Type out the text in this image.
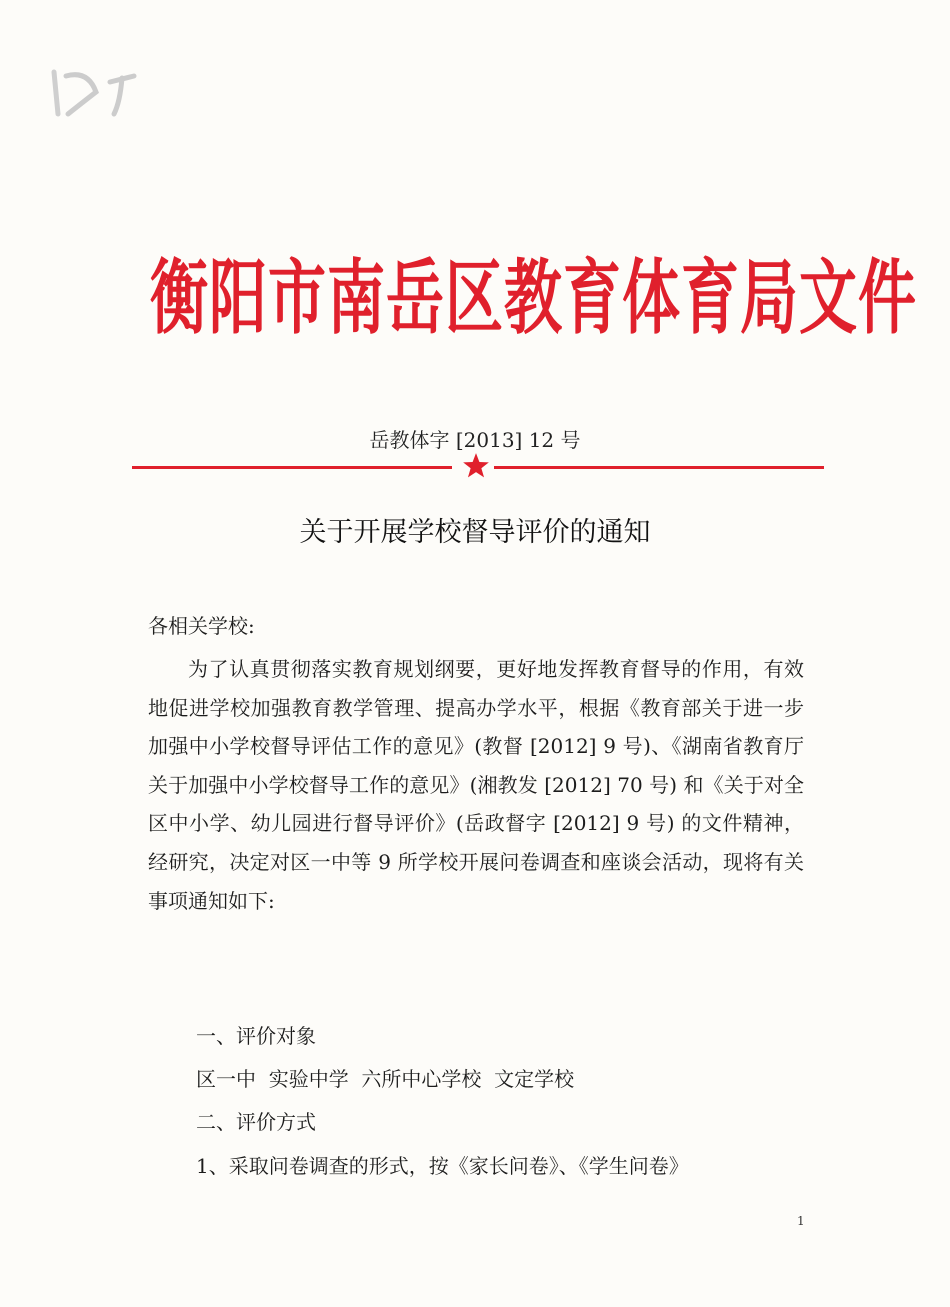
衡阳市南岳区教育体育局文件
岳教体字 [2013] 12 号
关于开展学校督导评价的通知
各相关学校:
为了认真贯彻落实教育规划纲要，更好地发挥教育督导的作用，有效地促进学校加强教育教学管理、提高办学水平，根据《教育部关于进一步加强中小学校督导评估工作的意见》(教督 [2012] 9 号)、《湖南省教育厅关于加强中小学校督导工作的意见》(湘教发 [2012] 70 号) 和《关于对全区中小学、幼儿园进行督导评价》(岳政督字 [2012] 9 号) 的文件精神，经研究，决定对区一中等 9 所学校开展问卷调查和座谈会活动，现将有关事项通知如下:
一、评价对象
区一中  实验中学  六所中心学校  文定学校
二、评价方式
1、采取问卷调查的形式，按《家长问卷》、《学生问卷》
1
